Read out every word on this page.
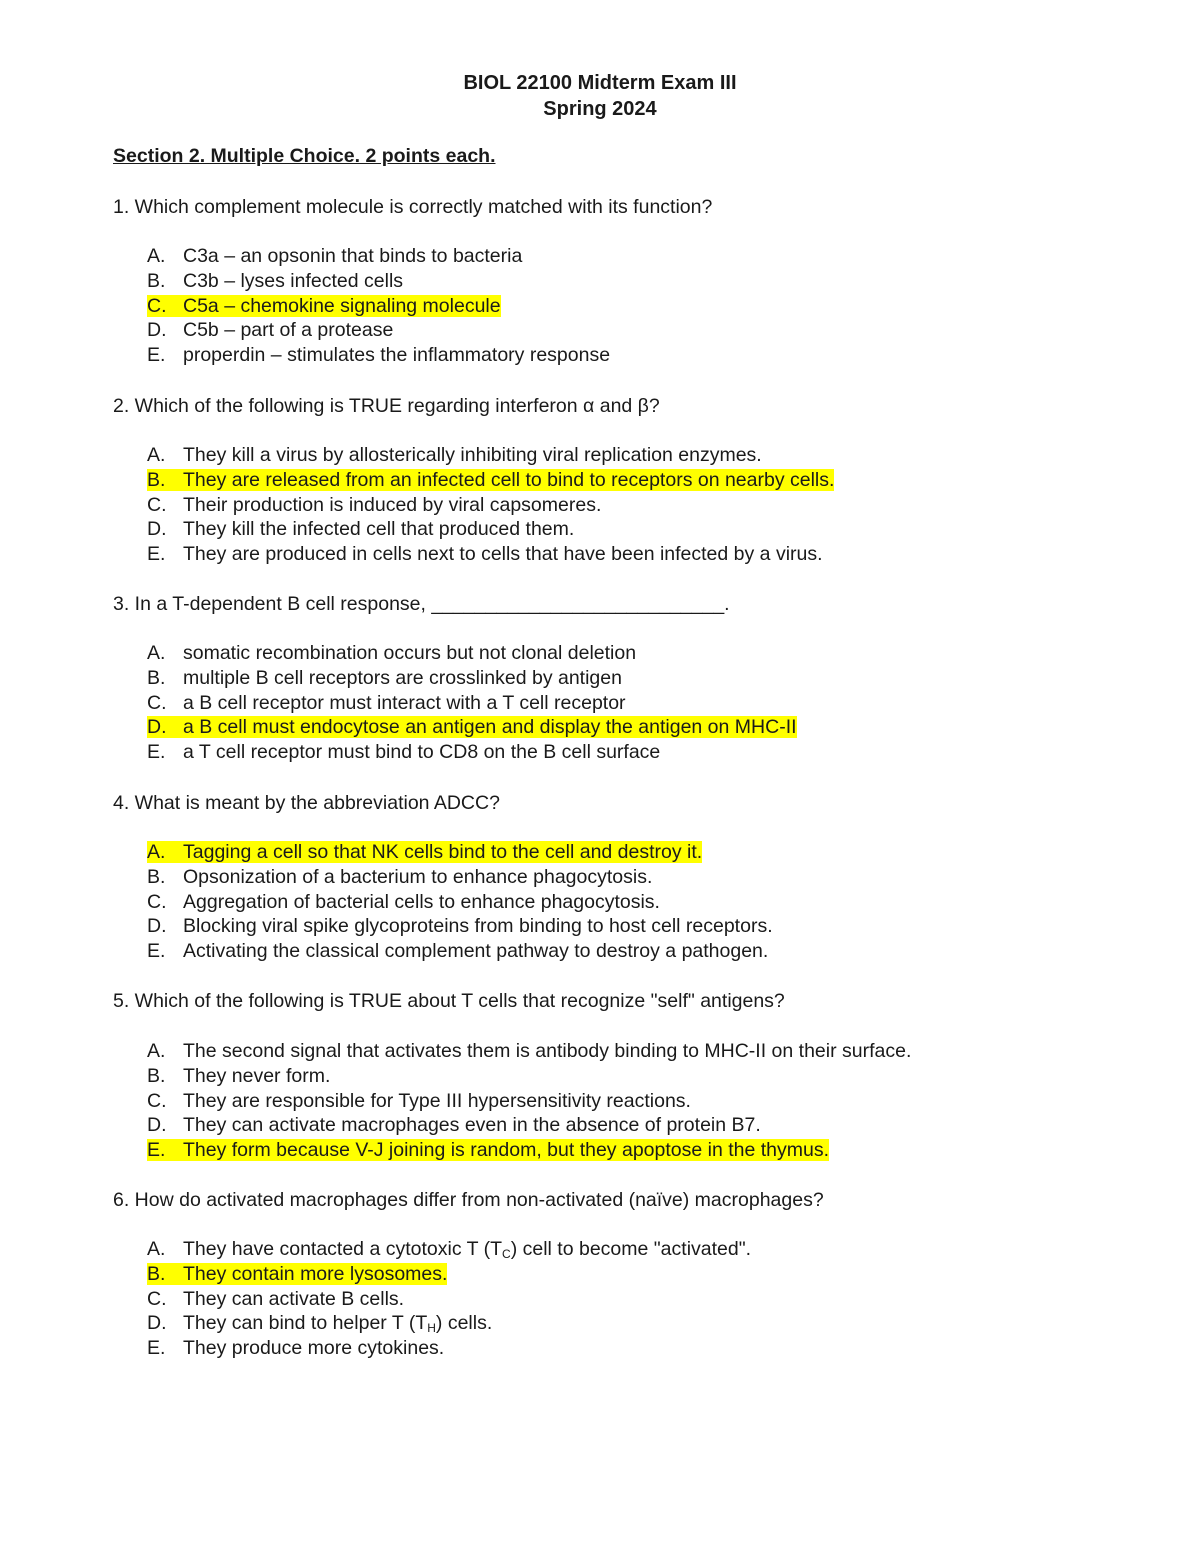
BIOL 22100 Midterm Exam III
Spring 2024
Section 2. Multiple Choice. 2 points each.
1. Which complement molecule is correctly matched with its function?
A. C3a – an opsonin that binds to bacteria
B. C3b – lyses infected cells
C. C5a – chemokine signaling molecule
D. C5b – part of a protease
E. properdin – stimulates the inflammatory response
2. Which of the following is TRUE regarding interferon α and β?
A. They kill a virus by allosterically inhibiting viral replication enzymes.
B. They are released from an infected cell to bind to receptors on nearby cells.
C. Their production is induced by viral capsomeres.
D. They kill the infected cell that produced them.
E. They are produced in cells next to cells that have been infected by a virus.
3. In a T-dependent B cell response, ___________________________.
A. somatic recombination occurs but not clonal deletion
B. multiple B cell receptors are crosslinked by antigen
C. a B cell receptor must interact with a T cell receptor
D. a B cell must endocytose an antigen and display the antigen on MHC-II
E. a T cell receptor must bind to CD8 on the B cell surface
4. What is meant by the abbreviation ADCC?
A. Tagging a cell so that NK cells bind to the cell and destroy it.
B. Opsonization of a bacterium to enhance phagocytosis.
C. Aggregation of bacterial cells to enhance phagocytosis.
D. Blocking viral spike glycoproteins from binding to host cell receptors.
E. Activating the classical complement pathway to destroy a pathogen.
5. Which of the following is TRUE about T cells that recognize "self" antigens?
A. The second signal that activates them is antibody binding to MHC-II on their surface.
B. They never form.
C. They are responsible for Type III hypersensitivity reactions.
D. They can activate macrophages even in the absence of protein B7.
E. They form because V-J joining is random, but they apoptose in the thymus.
6. How do activated macrophages differ from non-activated (naïve) macrophages?
A. They have contacted a cytotoxic T $(T_C)$ cell to become "activated".
B. They contain more lysosomes.
C. They can activate B cells.
D. They can bind to helper T $(T_H)$ cells.
E. They produce more cytokines.
